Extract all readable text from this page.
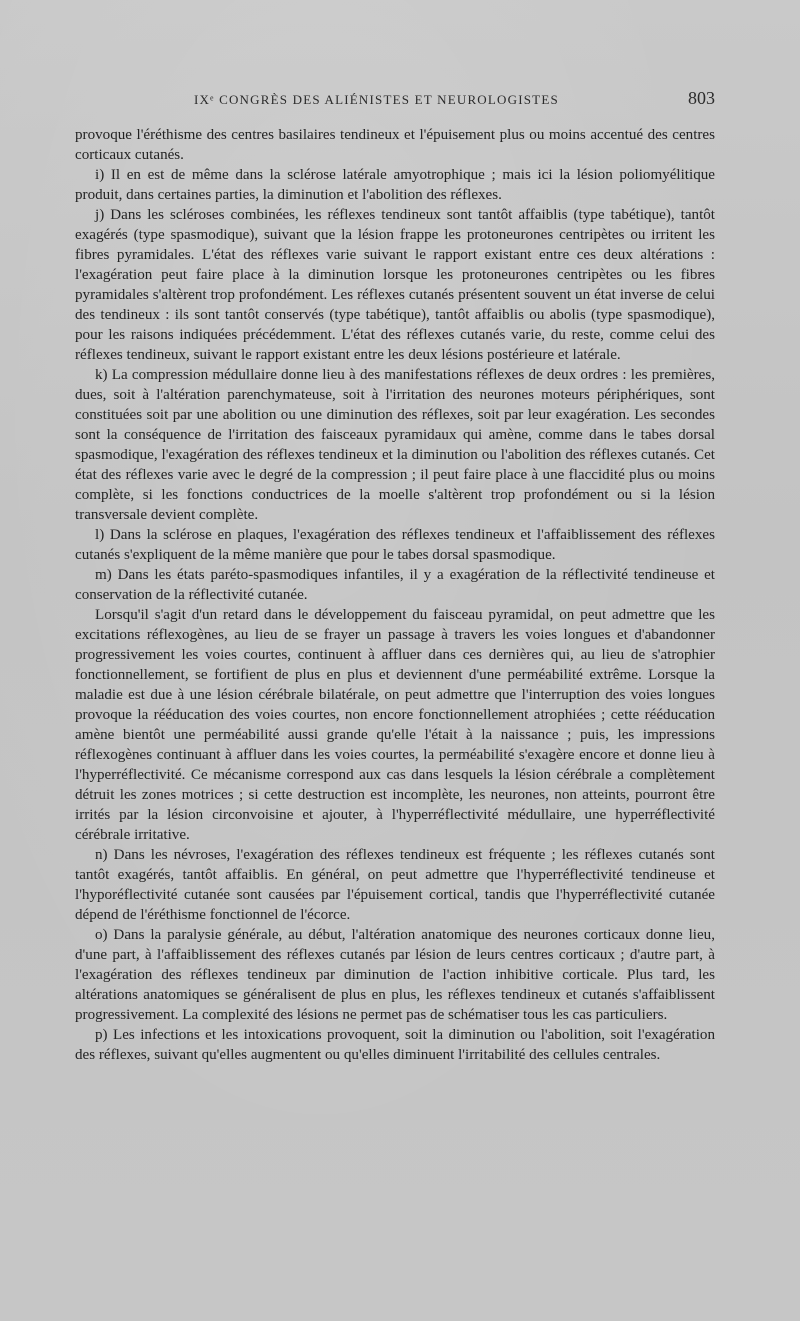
IXᵉ CONGRÈS DES ALIÉNISTES ET NEUROLOGISTES	803

provoque l'éréthisme des centres basilaires tendineux et l'épuisement plus ou moins accentué des centres corticaux cutanés.

i) Il en est de même dans la sclérose latérale amyotrophique ; mais ici la lésion poliomyélitique produit, dans certaines parties, la diminution et l'abolition des réflexes.

j) Dans les scléroses combinées, les réflexes tendineux sont tantôt affaiblis (type tabétique), tantôt exagérés (type spasmodique), suivant que la lésion frappe les protoneurones centripètes ou irritent les fibres pyramidales. L'état des réflexes varie suivant le rapport existant entre ces deux altérations : l'exagération peut faire place à la diminution lorsque les protoneurones centripètes ou les fibres pyramidales s'altèrent trop profondément. Les réflexes cutanés présentent souvent un état inverse de celui des tendineux : ils sont tantôt conservés (type tabétique), tantôt affaiblis ou abolis (type spasmodique), pour les raisons indiquées précédemment. L'état des réflexes cutanés varie, du reste, comme celui des réflexes tendineux, suivant le rapport existant entre les deux lésions postérieure et latérale.

k) La compression médullaire donne lieu à des manifestations réflexes de deux ordres : les premières, dues, soit à l'altération parenchymateuse, soit à l'irritation des neurones moteurs périphériques, sont constituées soit par une abolition ou une diminution des réflexes, soit par leur exagération. Les secondes sont la conséquence de l'irritation des faisceaux pyramidaux qui amène, comme dans le tabes dorsal spasmodique, l'exagération des réflexes tendineux et la diminution ou l'abolition des réflexes cutanés. Cet état des réflexes varie avec le degré de la compression ; il peut faire place à une flaccidité plus ou moins complète, si les fonctions conductrices de la moelle s'altèrent trop profondément ou si la lésion transversale devient complète.

l) Dans la sclérose en plaques, l'exagération des réflexes tendineux et l'affaiblissement des réflexes cutanés s'expliquent de la même manière que pour le tabes dorsal spasmodique.

m) Dans les états paréto-spasmodiques infantiles, il y a exagération de la réflectivité tendineuse et conservation de la réflectivité cutanée.

Lorsqu'il s'agit d'un retard dans le développement du faisceau pyramidal, on peut admettre que les excitations réflexogènes, au lieu de se frayer un passage à travers les voies longues et d'abandonner progressivement les voies courtes, continuent à affluer dans ces dernières qui, au lieu de s'atrophier fonctionnellement, se fortifient de plus en plus et deviennent d'une perméabilité extrême. Lorsque la maladie est due à une lésion cérébrale bilatérale, on peut admettre que l'interruption des voies longues provoque la rééducation des voies courtes, non encore fonctionnellement atrophiées ; cette rééducation amène bientôt une perméabilité aussi grande qu'elle l'était à la naissance ; puis, les impressions réflexogènes continuant à affluer dans les voies courtes, la perméabilité s'exagère encore et donne lieu à l'hyperréflectivité. Ce mécanisme correspond aux cas dans lesquels la lésion cérébrale a complètement détruit les zones motrices ; si cette destruction est incomplète, les neurones, non atteints, pourront être irrités par la lésion circonvoisine et ajouter, à l'hyperréflectivité médullaire, une hyperréflectivité cérébrale irritative.

n) Dans les névroses, l'exagération des réflexes tendineux est fréquente ; les réflexes cutanés sont tantôt exagérés, tantôt affaiblis. En général, on peut admettre que l'hyperréflectivité tendineuse et l'hyporéflectivité cutanée sont causées par l'épuisement cortical, tandis que l'hyperréflectivité cutanée dépend de l'éréthisme fonctionnel de l'écorce.

o) Dans la paralysie générale, au début, l'altération anatomique des neurones corticaux donne lieu, d'une part, à l'affaiblissement des réflexes cutanés par lésion de leurs centres corticaux ; d'autre part, à l'exagération des réflexes tendineux par diminution de l'action inhibitive corticale. Plus tard, les altérations anatomiques se généralisent de plus en plus, les réflexes tendineux et cutanés s'affaiblissent progressivement. La complexité des lésions ne permet pas de schématiser tous les cas particuliers.

p) Les infections et les intoxications provoquent, soit la diminution ou l'abolition, soit l'exagération des réflexes, suivant qu'elles augmentent ou qu'elles diminuent l'irritabilité des cellules centrales.
